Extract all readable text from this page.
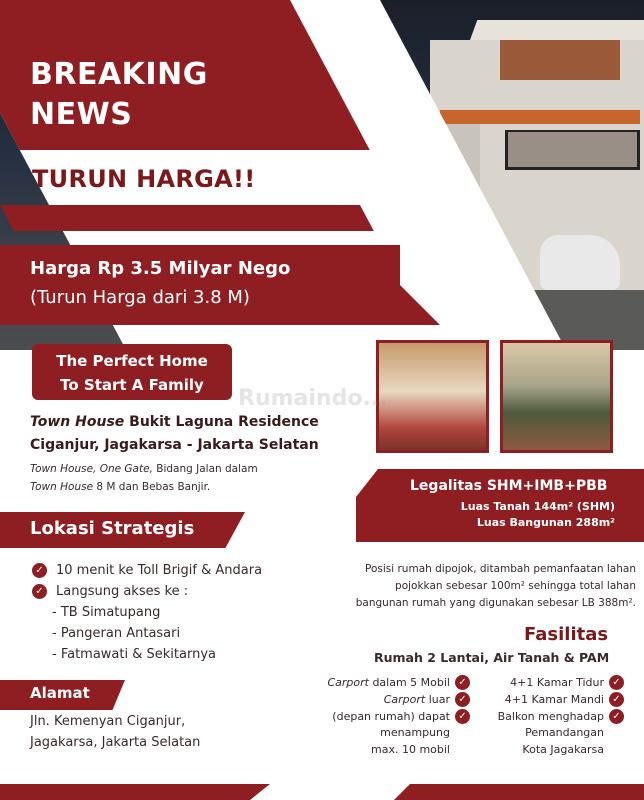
BREAKING
NEWS
TURUN HARGA!!
Harga Rp 3.5 Milyar Nego
(Turun Harga dari 3.8 M)
The Perfect Home
To Start A Family
Town House Bukit Laguna Residence
Ciganjur, Jagakarsa - Jakarta Selatan
Town House, One Gate, Bidang Jalan dalam
Town House 8 M dan Bebas Banjir.
Rumaindo...
Legalitas SHM+IMB+PBB
Luas Tanah 144m² (SHM)
Luas Bangunan 288m²
Lokasi Strategis
✓ 10 menit ke Toll Brigif & Andara
✓ Langsung akses ke :
- TB Simatupang
- Pangeran Antasari
- Fatmawati & Sekitarnya
Posisi rumah dipojok, ditambah pemanfaatan lahan
pojokkan sebesar 100m² sehingga total lahan
bangunan rumah yang digunakan sebesar LB 388m².
Fasilitas
Rumah 2 Lantai, Air Tanah & PAM
Carport dalam 5 Mobil ✓
Carport luar ✓
(depan rumah) dapat ✓
menampung
max. 10 mobil
4+1 Kamar Tidur ✓
4+1 Kamar Mandi ✓
Balkon menghadap ✓
Pemandangan
Kota Jagakarsa
Alamat
Jln. Kemenyan Ciganjur,
Jagakarsa, Jakarta Selatan
